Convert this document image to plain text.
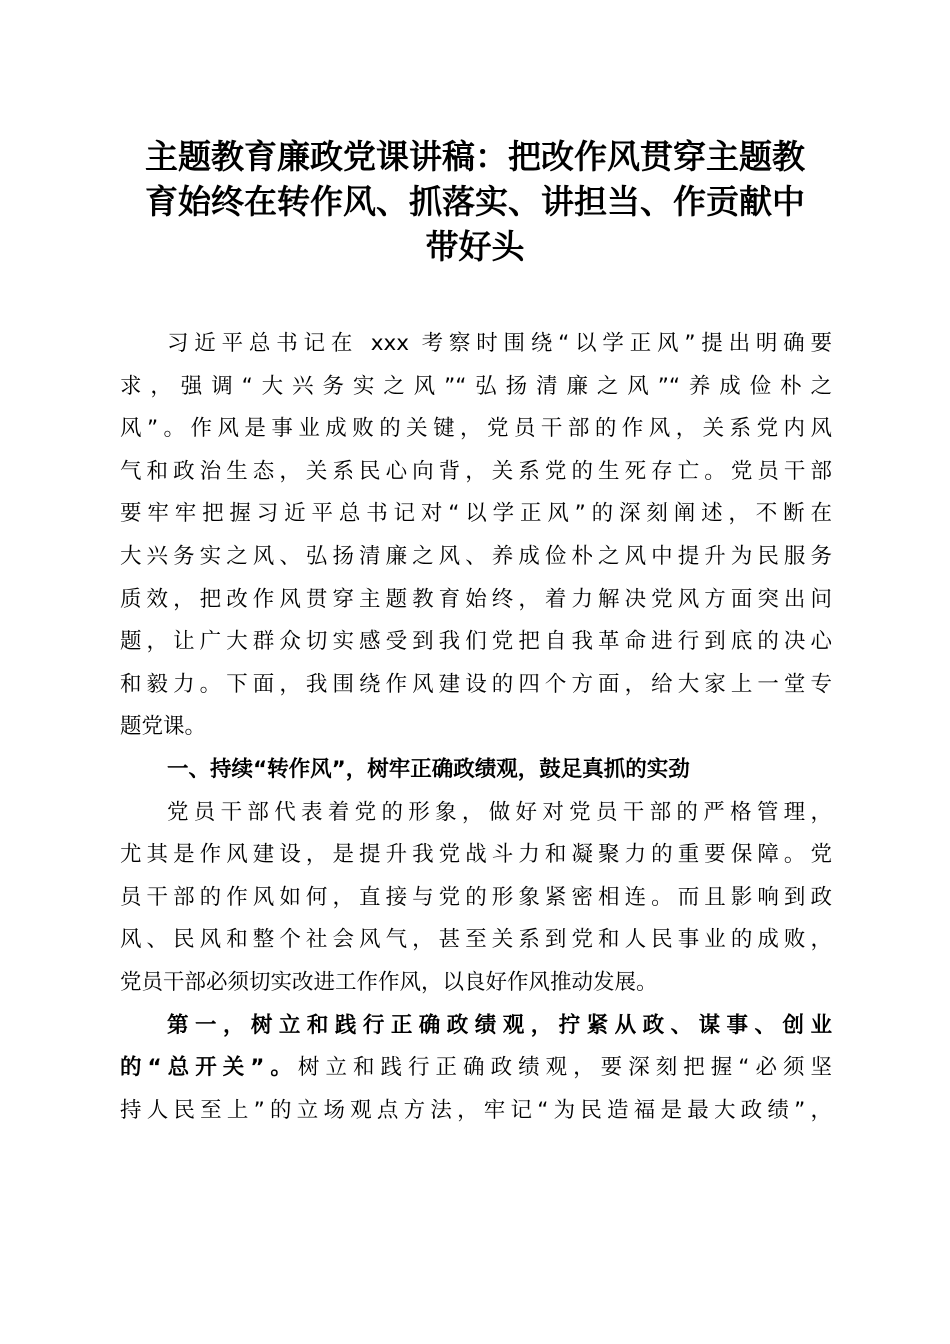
主题教育廉政党课讲稿：把改作风贯穿主题教
育始终在转作风、抓落实、讲担当、作贡献中
带好头
习近平总书记在 xxx 考察时围绕“以学正风”提出明确要
求，强调“大兴务实之风”“弘扬清廉之风”“养成俭朴之
风”。作风是事业成败的关键，党员干部的作风，关系党内风
气和政治生态，关系民心向背，关系党的生死存亡。党员干部
要牢牢把握习近平总书记对“以学正风”的深刻阐述，不断在
大兴务实之风、弘扬清廉之风、养成俭朴之风中提升为民服务
质效，把改作风贯穿主题教育始终，着力解决党风方面突出问
题，让广大群众切实感受到我们党把自我革命进行到底的决心
和毅力。下面，我围绕作风建设的四个方面，给大家上一堂专
题党课。
一、持续“转作风”，树牢正确政绩观，鼓足真抓的实劲
党员干部代表着党的形象，做好对党员干部的严格管理，
尤其是作风建设，是提升我党战斗力和凝聚力的重要保障。党
员干部的作风如何，直接与党的形象紧密相连。而且影响到政
风、民风和整个社会风气，甚至关系到党和人民事业的成败，
党员干部必须切实改进工作作风，以良好作风推动发展。
第一，树立和践行正确政绩观，拧紧从政、谋事、创业
的“总开关”。树立和践行正确政绩观，要深刻把握“必须坚
持人民至上”的立场观点方法，牢记“为民造福是最大政绩”，
